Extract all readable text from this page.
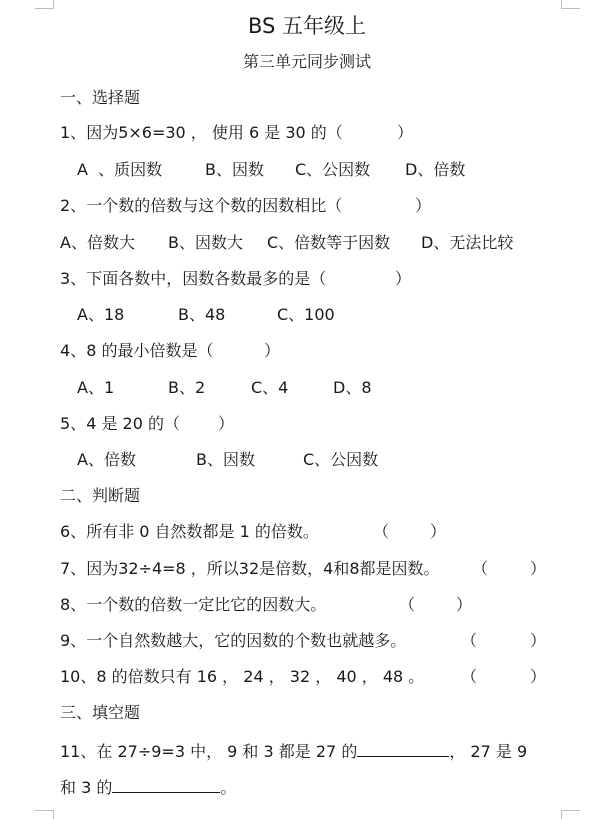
BS 五年级上
第三单元同步测试
一、选择题
1、因为5×6=30 ， 使用 6 是 30 的（	）
A  、质因数	B、因数 C、公因数 D、倍数
2、一个数的倍数与这个数的因数相比（	）
A、倍数大 B、因数大 C、倍数等于因数 D、无法比较
3、下面各数中，因数各数最多的是（	）
A、18	B、48	C、100
4、8 的最小倍数是（	）
A、1	B、2	C、4	D、8
5、4 是 20 的（ ）
A、倍数	B、因数	C、公因数
二、判断题
6、所有非 0 自然数都是 1 的倍数。	（	）
7、因为32÷4=8 ，所以32是倍数，4和8都是因数。 （	）
8、一个数的倍数一定比它的因数大。	（	）
9、一个自然数越大，它的因数的个数也就越多。	（	）
10、8 的倍数只有 16 ， 24 ， 32 ， 40 ， 48 。 （	）
三、填空题
11、在 27÷9=3 中， 9 和 3 都是 27 的	， 27 是 9
和 3 的	。
